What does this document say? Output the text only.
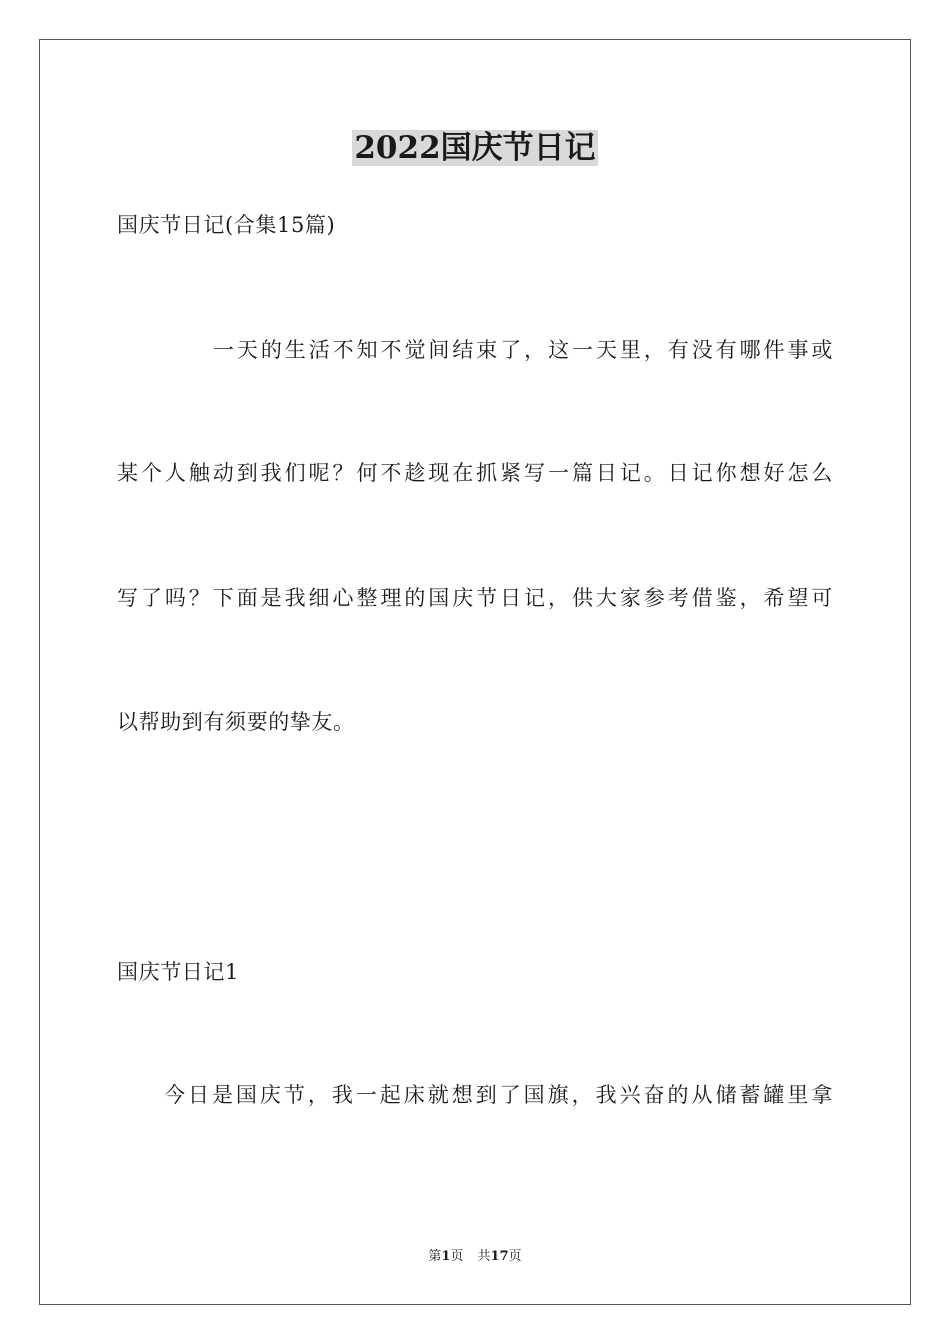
2022国庆节日记
国庆节日记(合集15篇)
一天的生活不知不觉间结束了，这一天里，有没有哪件事或
某个人触动到我们呢？何不趁现在抓紧写一篇日记。日记你想好怎么
写了吗？下面是我细心整理的国庆节日记，供大家参考借鉴，希望可
以帮助到有须要的挚友。
国庆节日记1
今日是国庆节，我一起床就想到了国旗，我兴奋的从储蓄罐里拿
第1页 共17页
